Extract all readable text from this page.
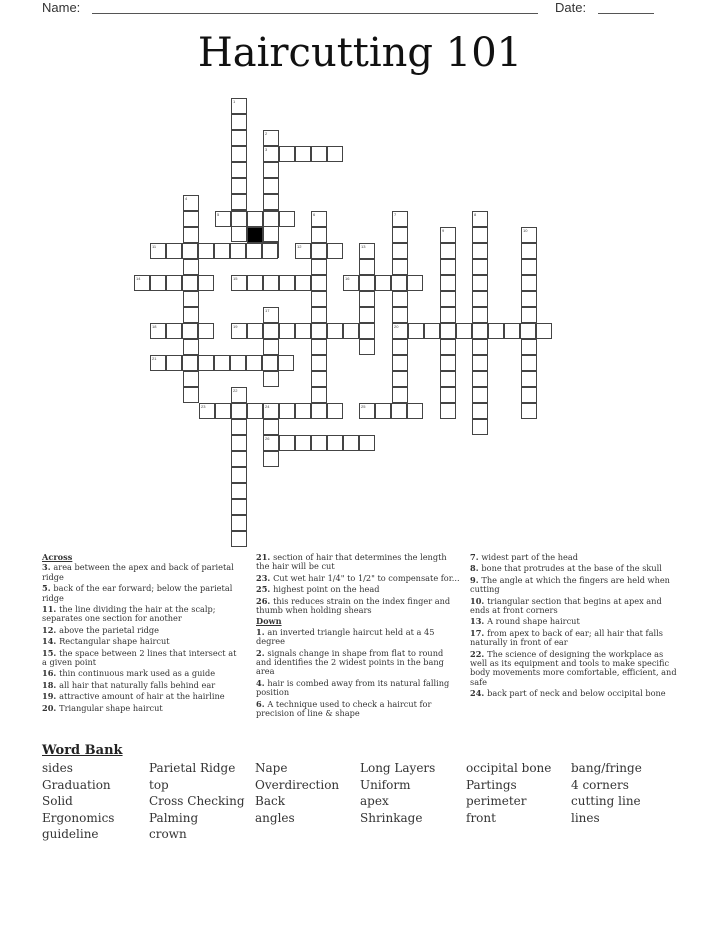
Name:	Date:
Haircutting 101
1
2
3
4
5	6	7
20
8
9	10
11	12	13
14	15	16
17
18	19
21
22
23	24
26
25
Across
3. area between the apex and back of parietal ridge
5. back of the ear forward; below the parietal ridge
11. the line dividing the hair at the scalp; separates one section for another
12. above the parietal ridge
14. Rectangular shape haircut
15. the space between 2 lines that intersect at a given point
16. thin continuous mark used as a guide
18. all hair that naturally falls behind ear
19. attractive amount of hair at the hairline
20. Triangular shape haircut
21. section of hair that determines the length the hair will be cut
23. Cut wet hair 1/4" to 1/2" to compensate for...
25. highest point on the head
26. this reduces strain on the index finger and thumb when holding shears
Down
1. an inverted triangle haircut held at a 45 degree
2. signals change in shape from flat to round and identifies the 2 widest points in the bang area
4. hair is combed away from its natural falling position
6. A technique used to check a haircut for precision of line & shape
7. widest part of the head
8. bone that protrudes at the base of the skull
9. The angle at which the fingers are held when cutting
10. triangular section that begins at apex and ends at front corners
13. A round shape haircut
17. from apex to back of ear; all hair that falls naturally in front of ear
22. The science of designing the workplace as well as its equipment and tools to make specific body movements more comfortable, efficient, and safe
24. back part of neck and below occipital bone
Word Bank
sides
Graduation
Solid
Ergonomics
guideline
Parietal Ridge
top
Cross Checking
Palming
crown
Nape
Overdirection
Back
angles
Long Layers
Uniform
apex
Shrinkage
occipital bone
Partings
perimeter
front
bang/fringe
4 corners
cutting line
lines
